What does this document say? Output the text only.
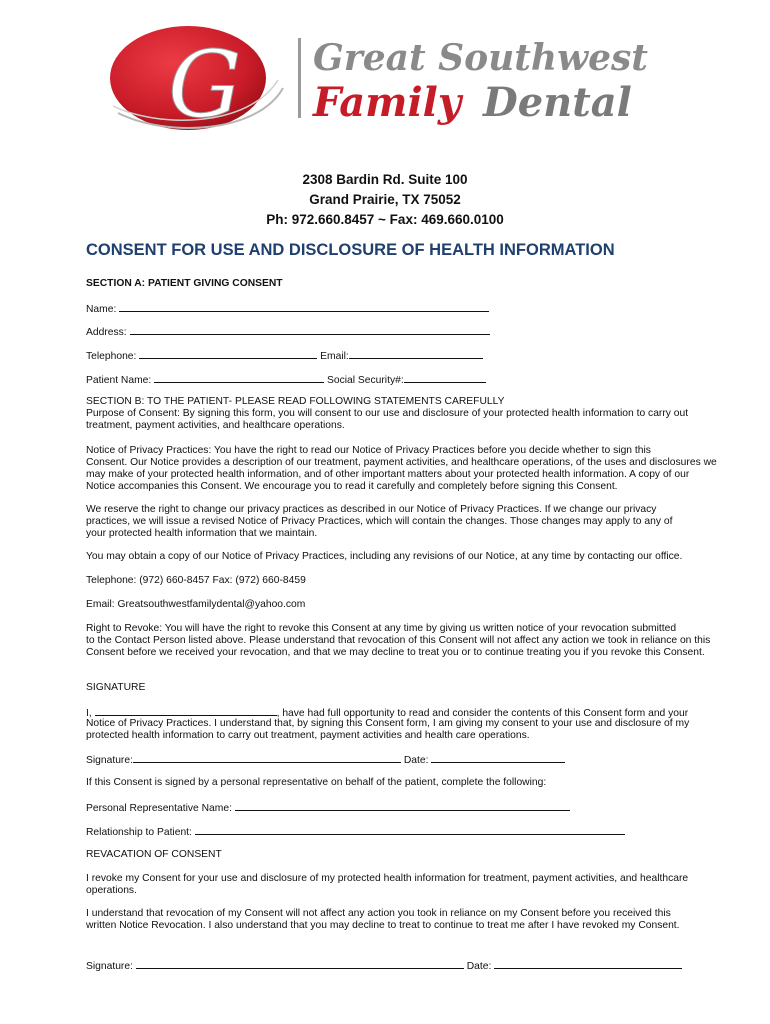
G Great Southwest
Family Dental
2308 Bardin Rd. Suite 100
Grand Prairie, TX 75052
Ph: 972.660.8457 ~ Fax: 469.660.0100
CONSENT FOR USE AND DISCLOSURE OF HEALTH INFORMATION
SECTION A: PATIENT GIVING CONSENT
Name:
Address:
Telephone:	Email:
Patient Name:	Social Security#:
SECTION B: TO THE PATIENT- PLEASE READ FOLLOWING STATEMENTS CAREFULLY
Purpose of Consent: By signing this form, you will consent to our use and disclosure of your protected health information to carry out
treatment, payment activities, and healthcare operations.
Notice of Privacy Practices: You have the right to read our Notice of Privacy Practices before you decide whether to sign this
Consent. Our Notice provides a description of our treatment, payment activities, and healthcare operations, of the uses and disclosures we
may make of your protected health information, and of other important matters about your protected health information. A copy of our
Notice accompanies this Consent. We encourage you to read it carefully and completely before signing this Consent.
We reserve the right to change our privacy practices as described in our Notice of Privacy Practices. If we change our privacy
practices, we will issue a revised Notice of Privacy Practices, which will contain the changes. Those changes may apply to any of
your protected health information that we maintain.
You may obtain a copy of our Notice of Privacy Practices, including any revisions of our Notice, at any time by contacting our office.
Telephone: (972) 660-8457 Fax: (972) 660-8459
Email: Greatsouthwestfamilydental@yahoo.com
Right to Revoke: You will have the right to revoke this Consent at any time by giving us written notice of your revocation submitted
to the Contact Person listed above. Please understand that revocation of this Consent will not affect any action we took in reliance on this
Consent before we received your revocation, and that we may decline to treat you or to continue treating you if you revoke this Consent.
SIGNATURE
I,	, have had full opportunity to read and consider the contents of this Consent form and your
Notice of Privacy Practices. I understand that, by signing this Consent form, I am giving my consent to your use and disclosure of my
protected health information to carry out treatment, payment activities and health care operations.
Signature:	Date:
If this Consent is signed by a personal representative on behalf of the patient, complete the following:
Personal Representative Name:
Relationship to Patient:
REVACATION OF CONSENT
I revoke my Consent for your use and disclosure of my protected health information for treatment, payment activities, and healthcare
operations.
I understand that revocation of my Consent will not affect any action you took in reliance on my Consent before you received this
written Notice Revocation. I also understand that you may decline to treat to continue to treat me after I have revoked my Consent.
Signature:	Date:
